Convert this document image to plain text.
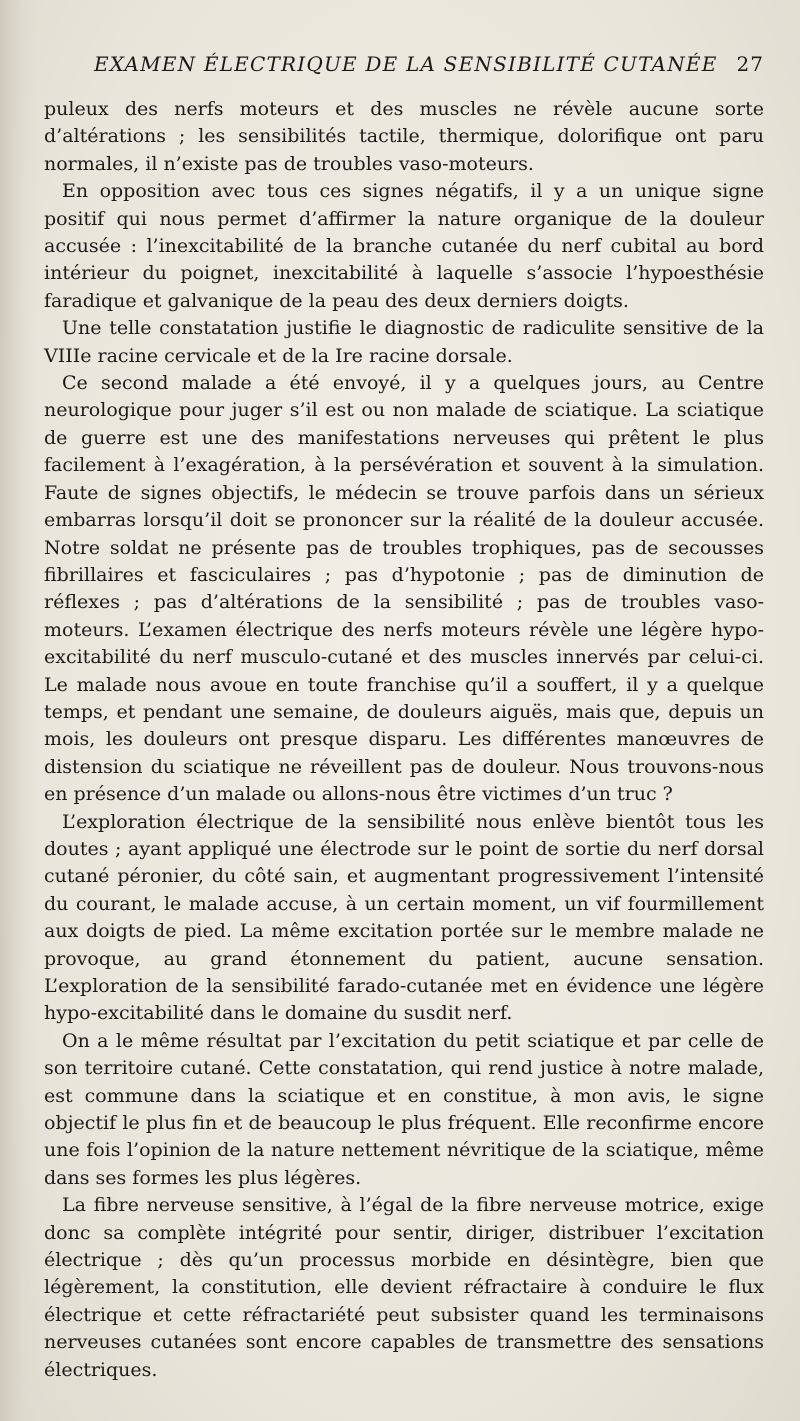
EXAMEN ÉLECTRIQUE DE LA SENSIBILITÉ CUTANÉE 27

puleux des nerfs moteurs et des muscles ne révèle aucune sorte d’altérations ; les sensibilités tactile, thermique, dolorifique ont paru normales, il n’existe pas de troubles vaso-moteurs.

En opposition avec tous ces signes négatifs, il y a un unique signe positif qui nous permet d’affirmer la nature organique de la douleur accusée : l’inexcitabilité de la branche cutanée du nerf cubital au bord intérieur du poignet, inexcitabilité à laquelle s’associe l’hypoesthésie faradique et galvanique de la peau des deux derniers doigts.

Une telle constatation justifie le diagnostic de radiculite sensitive de la VIIIe racine cervicale et de la Ire racine dorsale.

Ce second malade a été envoyé, il y a quelques jours, au Centre neurologique pour juger s’il est ou non malade de sciatique. La sciatique de guerre est une des manifestations nerveuses qui prêtent le plus facilement à l’exagération, à la persévération et souvent à la simulation. Faute de signes objectifs, le médecin se trouve parfois dans un sérieux embarras lorsqu’il doit se prononcer sur la réalité de la douleur accusée. Notre soldat ne présente pas de troubles trophiques, pas de secousses fibrillaires et fasciculaires ; pas d’hypotonie ; pas de diminution de réflexes ; pas d’altérations de la sensibilité ; pas de troubles vaso-moteurs. L’examen électrique des nerfs moteurs révèle une légère hypo-excitabilité du nerf musculo-cutané et des muscles innervés par celui-ci. Le malade nous avoue en toute franchise qu’il a souffert, il y a quelque temps, et pendant une semaine, de douleurs aiguës, mais que, depuis un mois, les douleurs ont presque disparu. Les différentes manœuvres de distension du sciatique ne réveillent pas de douleur. Nous trouvons-nous en présence d’un malade ou allons-nous être victimes d’un truc ?

L’exploration électrique de la sensibilité nous enlève bientôt tous les doutes ; ayant appliqué une électrode sur le point de sortie du nerf dorsal cutané péronier, du côté sain, et augmentant progressivement l’intensité du courant, le malade accuse, à un certain moment, un vif fourmillement aux doigts de pied. La même excitation portée sur le membre malade ne provoque, au grand étonnement du patient, aucune sensation. L’exploration de la sensibilité farado-cutanée met en évidence une légère hypo-excitabilité dans le domaine du susdit nerf.

On a le même résultat par l’excitation du petit sciatique et par celle de son territoire cutané. Cette constatation, qui rend justice à notre malade, est commune dans la sciatique et en constitue, à mon avis, le signe objectif le plus fin et de beaucoup le plus fréquent. Elle reconfirme encore une fois l’opinion de la nature nettement névritique de la sciatique, même dans ses formes les plus légères.

La fibre nerveuse sensitive, à l’égal de la fibre nerveuse motrice, exige donc sa complète intégrité pour sentir, diriger, distribuer l’excitation électrique ; dès qu’un processus morbide en désintègre, bien que légèrement, la constitution, elle devient réfractaire à conduire le flux électrique et cette réfractariété peut subsister quand les terminaisons nerveuses cutanées sont encore capables de transmettre des sensations électriques.
